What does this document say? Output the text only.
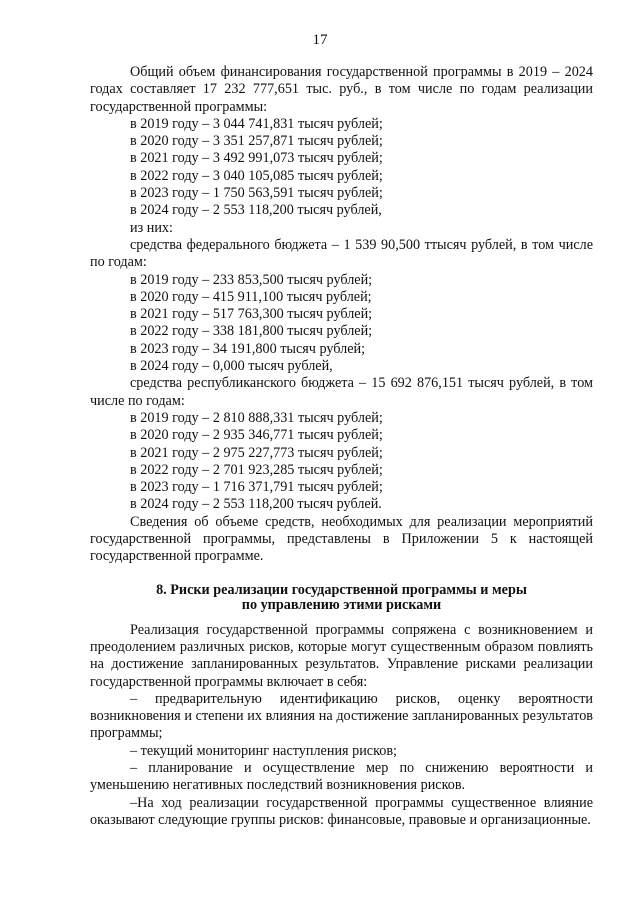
17

Общий объем финансирования государственной программы в 2019 – 2024 годах составляет 17 232 777,651 тыс. руб., в том числе по годам реализации государственной программы:

в 2019 году – 3 044 741,831 тысяч рублей;

в 2020 году – 3 351 257,871 тысяч рублей;

в 2021 году – 3 492 991,073 тысяч рублей;

в 2022 году – 3 040 105,085 тысяч рублей;

в 2023 году – 1 750 563,591 тысяч рублей;

в 2024 году – 2 553 118,200 тысяч рублей,

из них:

средства федерального бюджета – 1 539 90,500 ттысяч рублей, в том числе по годам:

в 2019 году – 233 853,500 тысяч рублей;

в 2020 году – 415 911,100 тысяч рублей;

в 2021 году – 517 763,300 тысяч рублей;

в 2022 году – 338 181,800 тысяч рублей;

в 2023 году – 34 191,800 тысяч рублей;

в 2024 году – 0,000 тысяч рублей,

средства республиканского бюджета – 15 692 876,151 тысяч рублей, в том числе по годам:

в 2019 году – 2 810 888,331 тысяч рублей;

в 2020 году – 2 935 346,771 тысяч рублей;

в 2021 году – 2 975 227,773 тысяч рублей;

в 2022 году – 2 701 923,285 тысяч рублей;

в 2023 году – 1 716 371,791 тысяч рублей;

в 2024 году – 2 553 118,200 тысяч рублей.

Сведения об объеме средств, необходимых для реализации мероприятий государственной программы, представлены в Приложении 5 к настоящей государственной программе.

8. Риски реализации государственной программы и меры
по управлению этими рисками

Реализация государственной программы сопряжена с возникновением и преодолением различных рисков, которые могут существенным образом повлиять на достижение запланированных результатов. Управление рисками реализации государственной программы включает в себя:

– предварительную идентификацию рисков, оценку вероятности возникновения и степени их влияния на достижение запланированных результатов программы;

– текущий мониторинг наступления рисков;

– планирование и осуществление мер по снижению вероятности и уменьшению негативных последствий возникновения рисков.

–На ход реализации государственной программы существенное влияние оказывают следующие группы рисков: финансовые, правовые и организационные.
